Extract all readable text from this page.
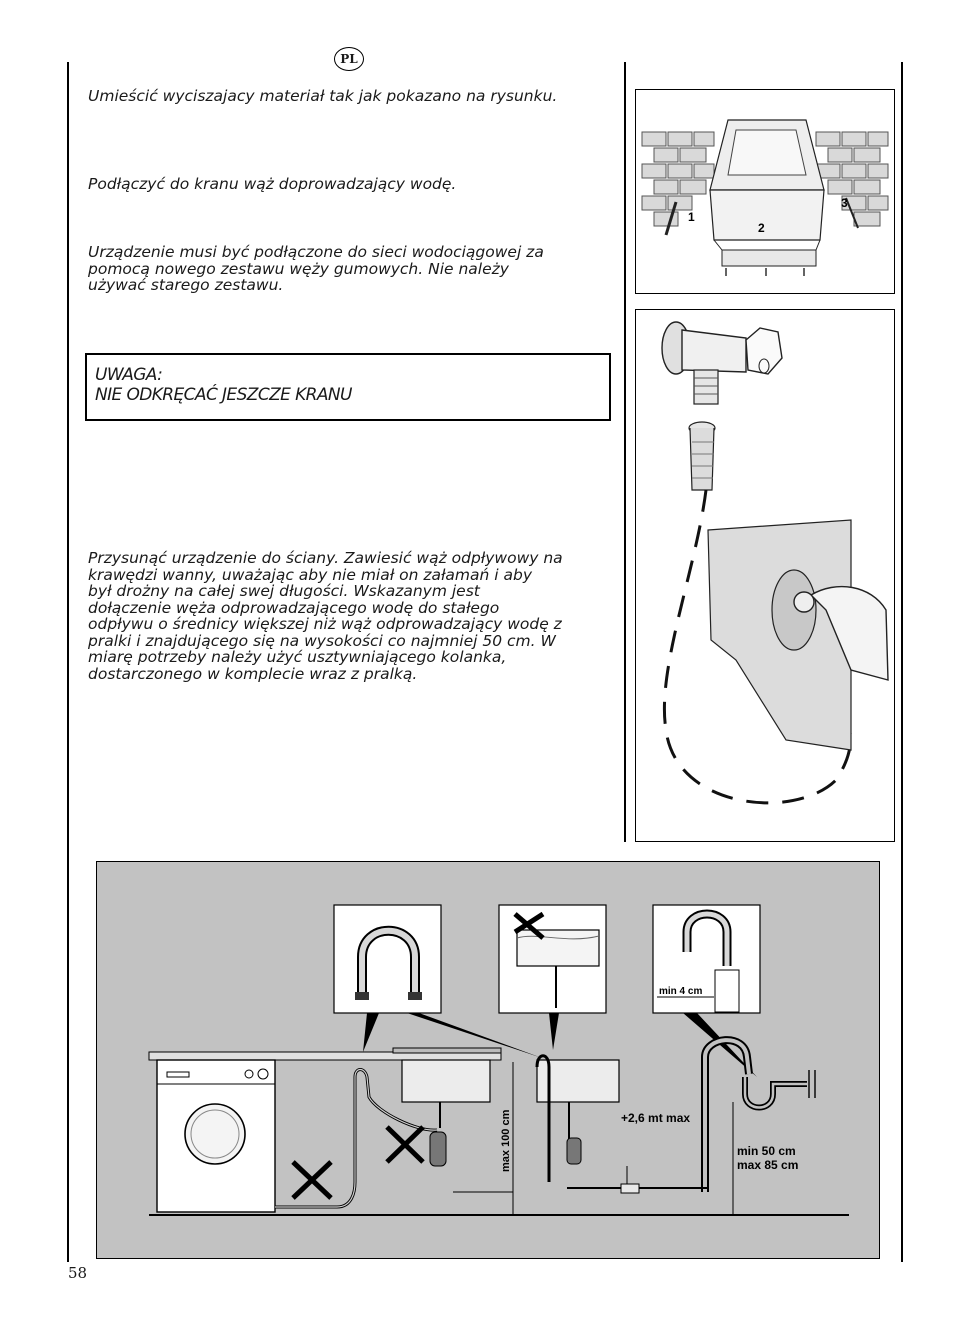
PL
Umieścić wyciszajacy materiał tak jak pokazano na rysunku.
Podłączyć do kranu wąż doprowadzający wodę.
Urządzenie musi być podłączone do sieci wodociągowej za
pomocą nowego zestawu węży gumowych. Nie należy
używać starego zestawu.
UWAGA:
NIE ODKRĘCAĆ JESZCZE KRANU
Przysunąć urządzenie do ściany. Zawiesić wąż odpływowy na
krawędzi wanny, uważając aby nie miał on załamań i aby
był drożny na całej swej długości. Wskazanym jest
dołączenie węża odprowadzającego wodę do stałego
odpływu o średnicy większej niż wąż odprowadzający wodę z
pralki i znajdującego się na wysokości co najmniej 50 cm. W
miarę potrzeby należy użyć usztywniającego kolanka,
dostarczonego w komplecie wraz z pralką.
1
2
3
min 4 cm
max 100 cm	+2,6 mt max
min 50 cm
max 85 cm
58
